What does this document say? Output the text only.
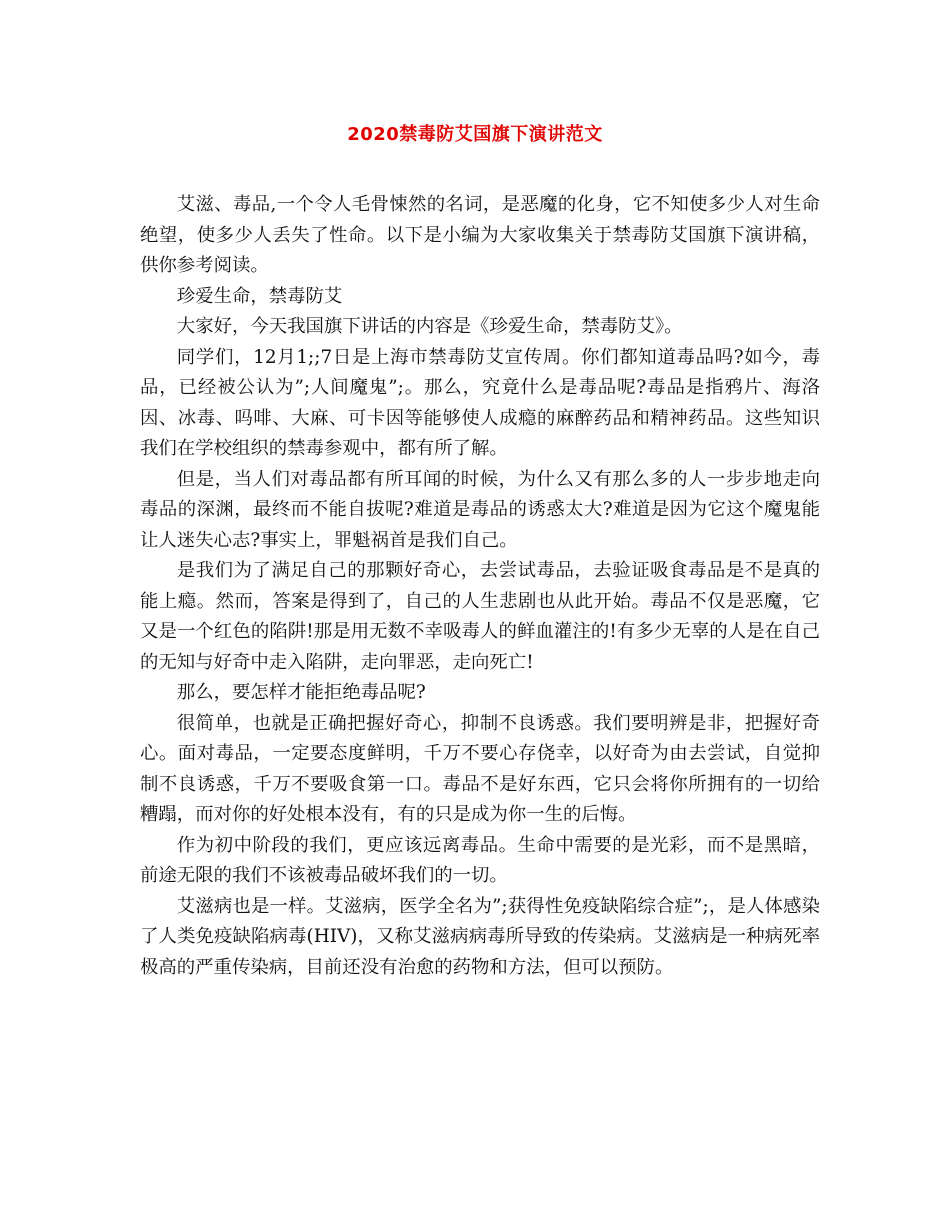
2020禁毒防艾国旗下演讲范文

艾滋、毒品,一个令人毛骨悚然的名词，是恶魔的化身，它不知使多少人对生命绝望，使多少人丢失了性命。以下是小编为大家收集关于禁毒防艾国旗下演讲稿，供你参考阅读。

珍爱生命，禁毒防艾

大家好，今天我国旗下讲话的内容是《珍爱生命，禁毒防艾》。

同学们，12月1;;7日是上海市禁毒防艾宣传周。你们都知道毒品吗?如今，毒品，已经被公认为”;人间魔鬼”;。那么，究竟什么是毒品呢?毒品是指鸦片、海洛因、冰毒、吗啡、大麻、可卡因等能够使人成瘾的麻醉药品和精神药品。这些知识我们在学校组织的禁毒参观中，都有所了解。

但是，当人们对毒品都有所耳闻的时候，为什么又有那么多的人一步步地走向毒品的深渊，最终而不能自拔呢?难道是毒品的诱惑太大?难道是因为它这个魔鬼能让人迷失心志?事实上，罪魁祸首是我们自己。

是我们为了满足自己的那颗好奇心，去尝试毒品，去验证吸食毒品是不是真的能上瘾。然而，答案是得到了，自己的人生悲剧也从此开始。毒品不仅是恶魔，它又是一个红色的陷阱!那是用无数不幸吸毒人的鲜血灌注的!有多少无辜的人是在自己的无知与好奇中走入陷阱，走向罪恶，走向死亡!

那么，要怎样才能拒绝毒品呢?

很简单，也就是正确把握好奇心，抑制不良诱惑。我们要明辨是非，把握好奇心。面对毒品，一定要态度鲜明，千万不要心存侥幸，以好奇为由去尝试，自觉抑制不良诱惑，千万不要吸食第一口。毒品不是好东西，它只会将你所拥有的一切给糟蹋，而对你的好处根本没有，有的只是成为你一生的后悔。

作为初中阶段的我们，更应该远离毒品。生命中需要的是光彩，而不是黑暗，前途无限的我们不该被毒品破坏我们的一切。

艾滋病也是一样。艾滋病，医学全名为”;获得性免疫缺陷综合症”;，是人体感染了人类免疫缺陷病毒(HIV)，又称艾滋病病毒所导致的传染病。艾滋病是一种病死率极高的严重传染病，目前还没有治愈的药物和方法，但可以预防。
